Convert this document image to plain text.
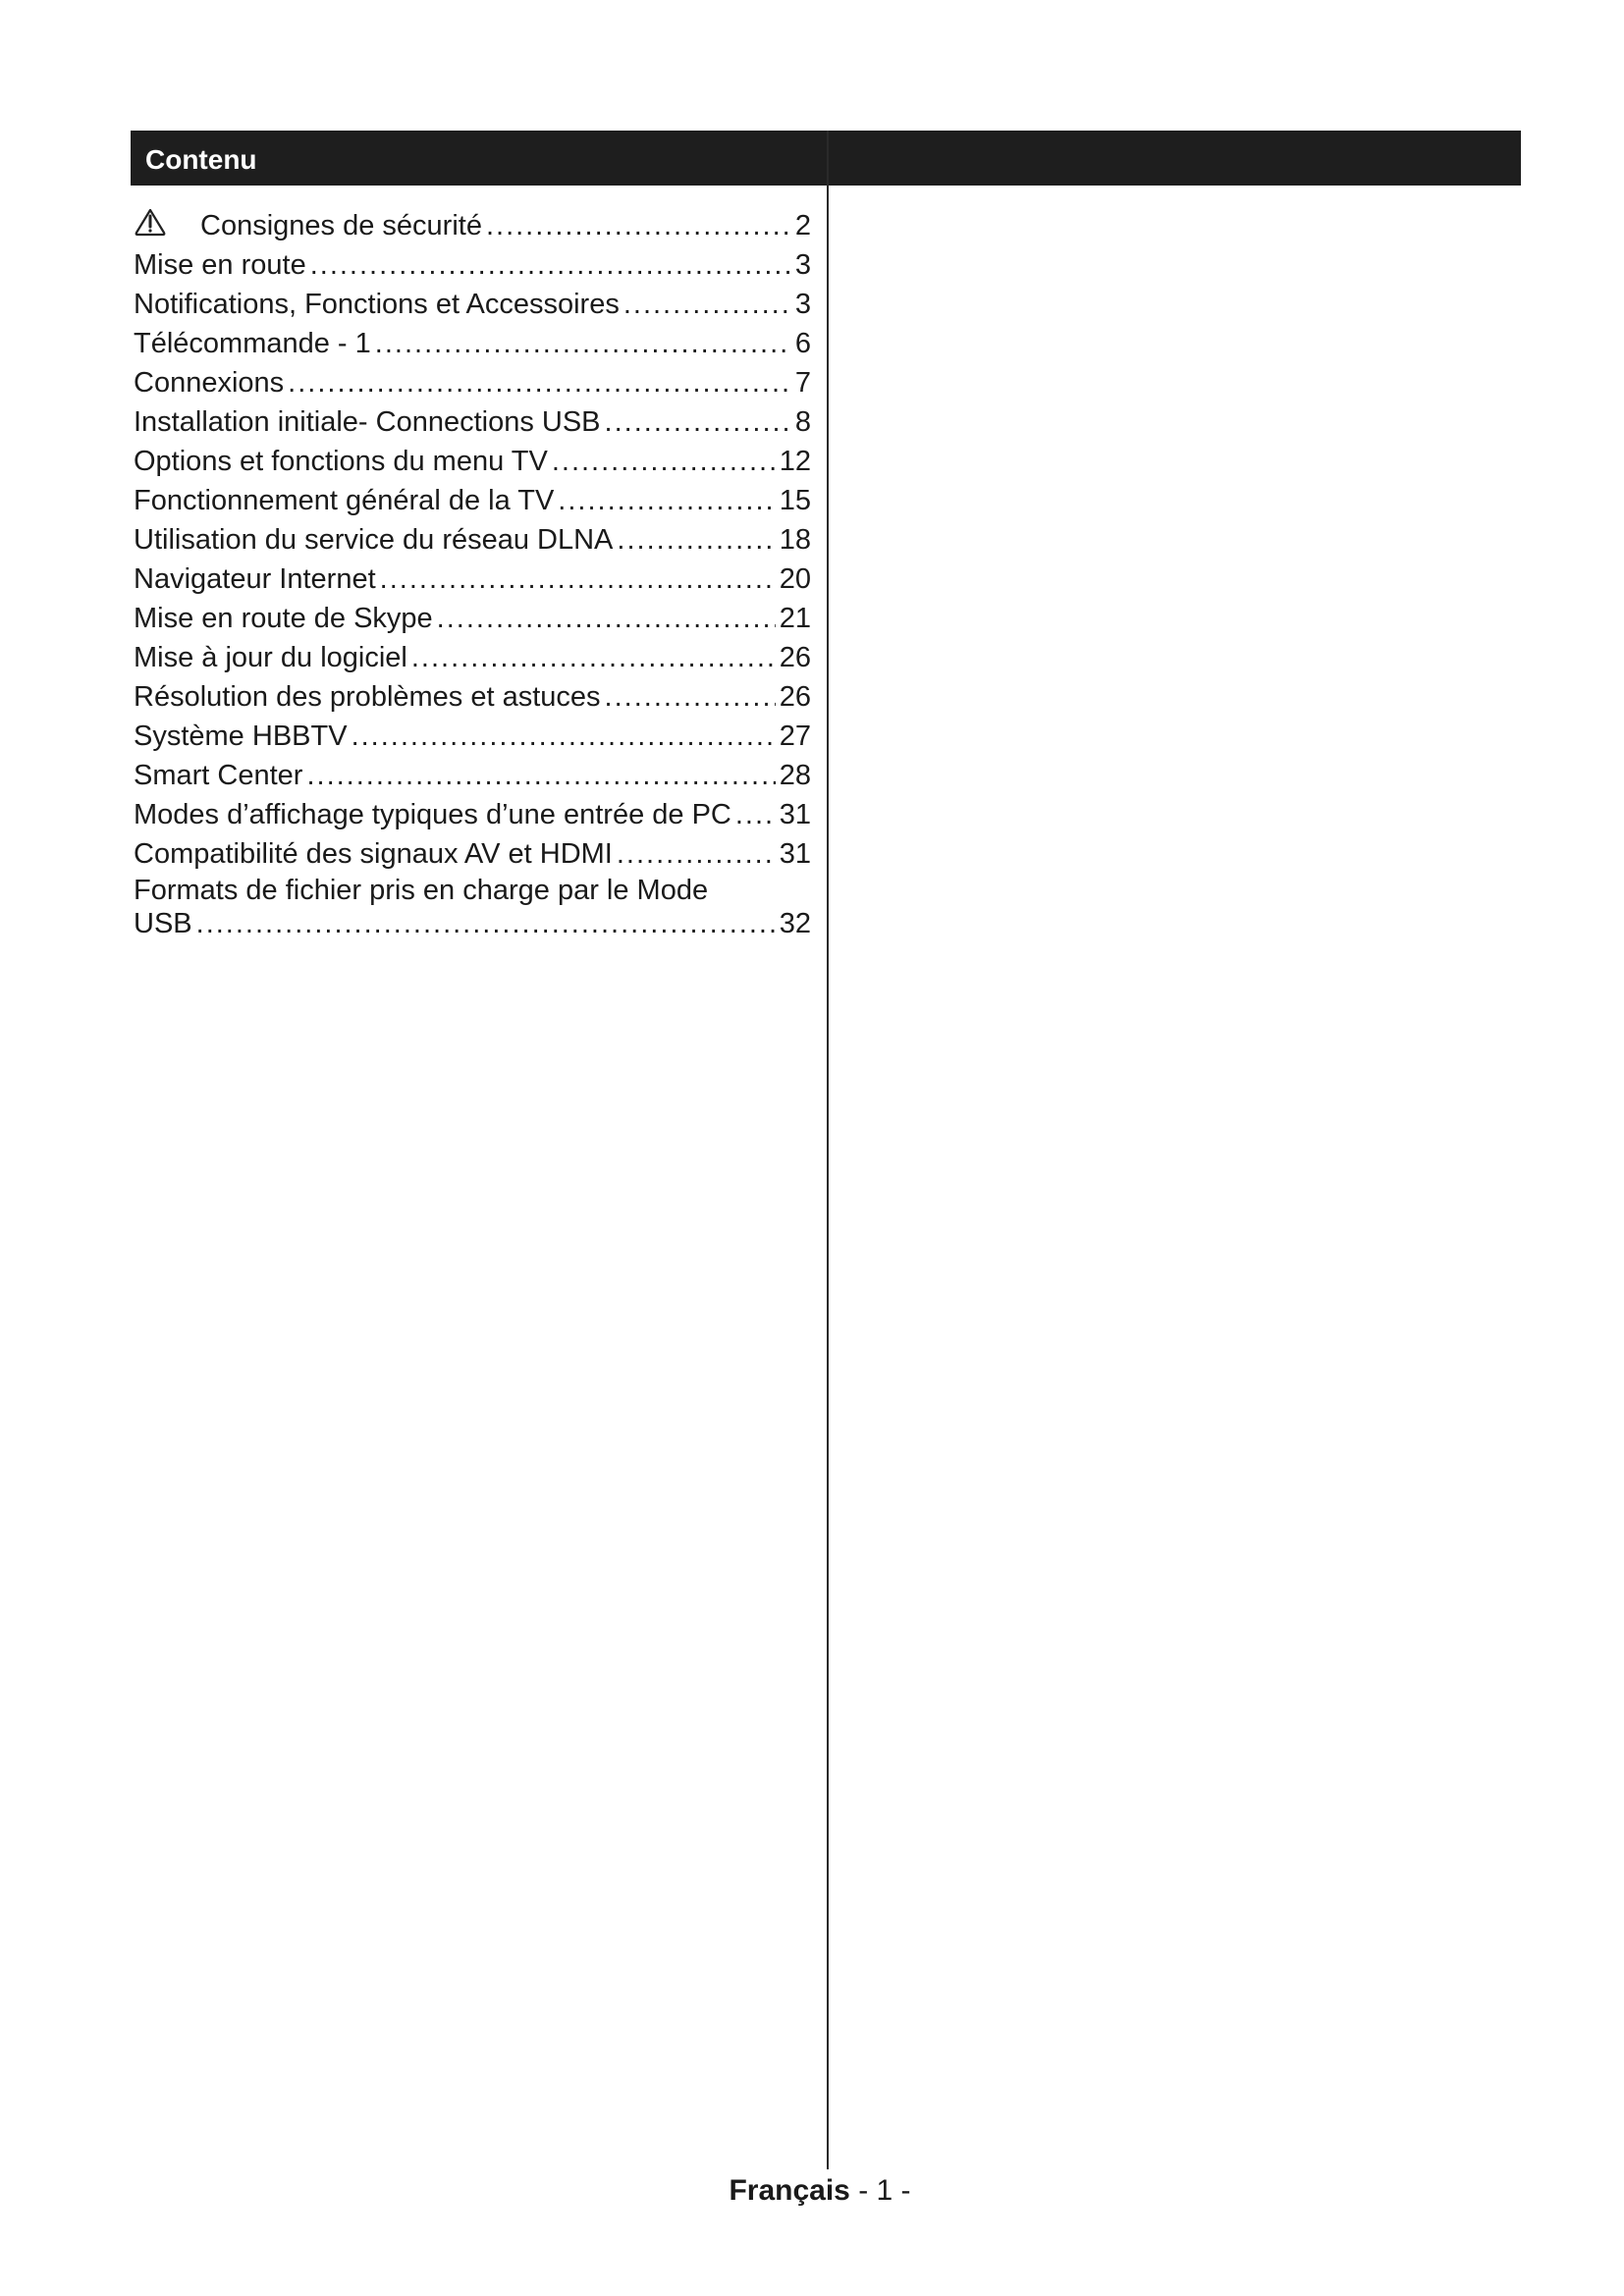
Contenu
Consignes de sécurité .....	2
Mise en route .....	3
Notifications, Fonctions et Accessoires .....	3
Télécommande - 1 .....	6
Connexions .....	7
Installation initiale- Connections USB .....	8
Options et fonctions du menu TV .....	12
Fonctionnement général de la TV .....	15
Utilisation du service du réseau DLNA .....	18
Navigateur Internet .....	20
Mise en route de Skype .....	21
Mise à jour du logiciel .....	26
Résolution des problèmes et astuces .....	26
Système HBBTV .....	27
Smart Center .....	28
Modes d’affichage typiques d’une entrée de PC ..... 31
Compatibilité des signaux AV et HDMI .....	31
Formats de fichier pris en charge par le Mode
USB .....	32
Français - 1 -
